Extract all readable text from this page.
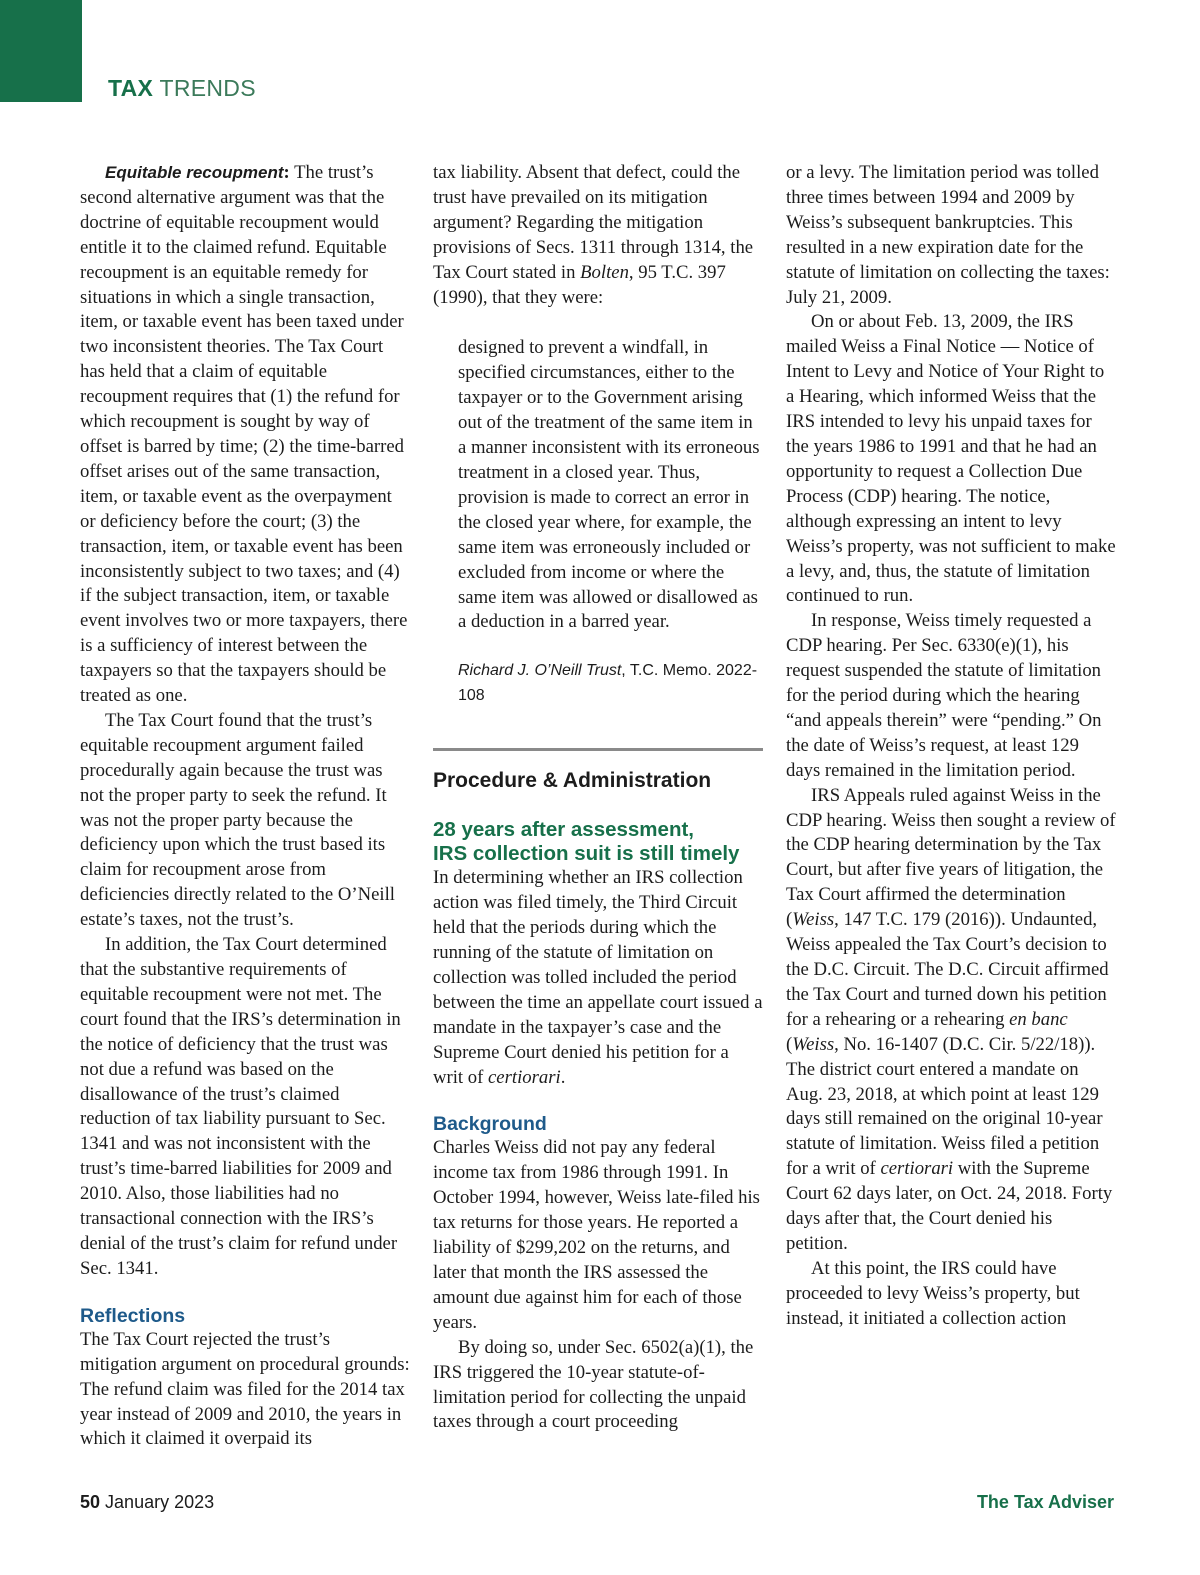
TAX TRENDS

Equitable recoupment: The trust’s second alternative argument was that the doctrine of equitable recoupment would entitle it to the claimed refund. Equitable recoupment is an equitable remedy for situations in which a single transaction, item, or taxable event has been taxed under two inconsistent theories. The Tax Court has held that a claim of equitable recoupment requires that (1) the refund for which recoupment is sought by way of offset is barred by time; (2) the time-barred offset arises out of the same transaction, item, or taxable event as the overpayment or deficiency before the court; (3) the transaction, item, or taxable event has been inconsistently subject to two taxes; and (4) if the subject transaction, item, or taxable event involves two or more taxpayers, there is a sufficiency of interest between the taxpayers so that the taxpayers should be treated as one.

The Tax Court found that the trust’s equitable recoupment argument failed procedurally again because the trust was not the proper party to seek the refund. It was not the proper party because the deficiency upon which the trust based its claim for recoupment arose from deficiencies directly related to the O’Neill estate’s taxes, not the trust’s.

In addition, the Tax Court determined that the substantive requirements of equitable recoupment were not met. The court found that the IRS’s determination in the notice of deficiency that the trust was not due a refund was based on the disallowance of the trust’s claimed reduction of tax liability pursuant to Sec. 1341 and was not inconsistent with the trust’s time-barred liabilities for 2009 and 2010. Also, those liabilities had no transactional connection with the IRS’s denial of the trust’s claim for refund under Sec. 1341.

Reflections

The Tax Court rejected the trust’s mitigation argument on procedural grounds: The refund claim was filed for the 2014 tax year instead of 2009 and 2010, the years in which it claimed it overpaid its

tax liability. Absent that defect, could the trust have prevailed on its mitigation argument? Regarding the mitigation provisions of Secs. 1311 through 1314, the Tax Court stated in Bolten, 95 T.C. 397 (1990), that they were:

designed to prevent a windfall, in specified circumstances, either to the taxpayer or to the Government arising out of the treatment of the same item in a manner inconsistent with its erroneous treatment in a closed year. Thus, provision is made to correct an error in the closed year where, for example, the same item was erroneously included or excluded from income or where the same item was allowed or disallowed as a deduction in a barred year.

Richard J. O’Neill Trust, T.C. Memo. 2022-108
Procedure & Administration
28 years after assessment,
IRS collection suit is still timely

In determining whether an IRS collection action was filed timely, the Third Circuit held that the periods during which the running of the statute of limitation on collection was tolled included the period between the time an appellate court issued a mandate in the taxpayer’s case and the Supreme Court denied his petition for a writ of certiorari.

Background

Charles Weiss did not pay any federal income tax from 1986 through 1991. In October 1994, however, Weiss late-filed his tax returns for those years. He reported a liability of $299,202 on the returns, and later that month the IRS assessed the amount due against him for each of those years.

By doing so, under Sec. 6502(a)(1), the IRS triggered the 10-year statute-of-limitation period for collecting the unpaid taxes through a court proceeding

or a levy. The limitation period was tolled three times between 1994 and 2009 by Weiss’s subsequent bankruptcies. This resulted in a new expiration date for the statute of limitation on collecting the taxes: July 21, 2009.

On or about Feb. 13, 2009, the IRS mailed Weiss a Final Notice — Notice of Intent to Levy and Notice of Your Right to a Hearing, which informed Weiss that the IRS intended to levy his unpaid taxes for the years 1986 to 1991 and that he had an opportunity to request a Collection Due Process (CDP) hearing. The notice, although expressing an intent to levy Weiss’s property, was not sufficient to make a levy, and, thus, the statute of limitation continued to run.

In response, Weiss timely requested a CDP hearing. Per Sec. 6330(e)(1), his request suspended the statute of limitation for the period during which the hearing “and appeals therein” were “pending.” On the date of Weiss’s request, at least 129 days remained in the limitation period.

IRS Appeals ruled against Weiss in the CDP hearing. Weiss then sought a review of the CDP hearing determination by the Tax Court, but after five years of litigation, the Tax Court affirmed the determination (Weiss, 147 T.C. 179 (2016)). Undaunted, Weiss appealed the Tax Court’s decision to the D.C. Circuit. The D.C. Circuit affirmed the Tax Court and turned down his petition for a rehearing or a rehearing en banc (Weiss, No. 16-1407 (D.C. Cir. 5/22/18)). The district court entered a mandate on Aug. 23, 2018, at which point at least 129 days still remained on the original 10-year statute of limitation. Weiss filed a petition for a writ of certiorari with the Supreme Court 62 days later, on Oct. 24, 2018. Forty days after that, the Court denied his petition.

At this point, the IRS could have proceeded to levy Weiss’s property, but instead, it initiated a collection action

50 January 2023	The Tax Adviser
